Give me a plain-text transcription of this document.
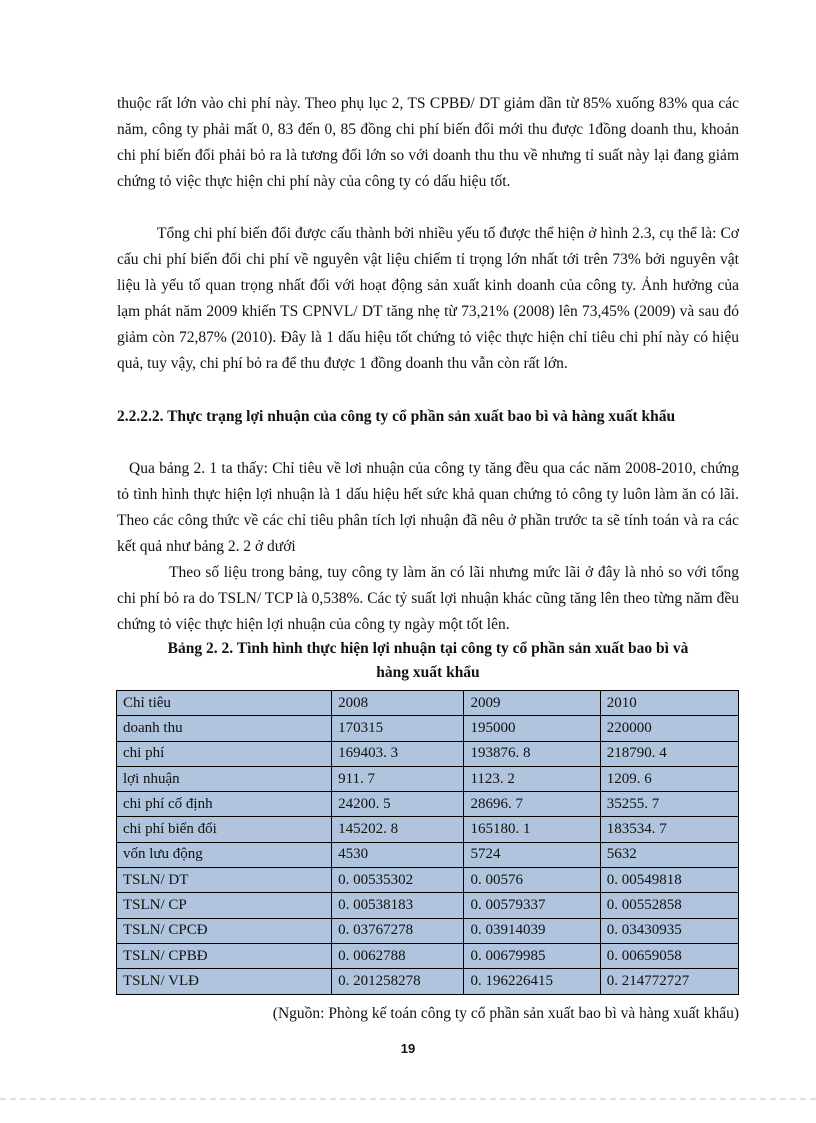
thuộc rất lớn vào chi phí này. Theo phụ lục 2, TS CPBĐ/ DT giảm dần từ 85% xuống 83% qua các năm, công ty phải mất 0, 83 đến 0, 85 đồng chi phí biến đổi mới thu được 1đồng doanh thu, khoản chi phí biến đổi phải bỏ ra là tương đối lớn so với doanh thu thu về nhưng tỉ suất này lại đang giảm chứng tỏ việc thực hiện chi phí này của công ty có dấu hiệu tốt.

Tổng chi phí biến đổi được cấu thành bởi nhiều yếu tố được thể hiện ở hình 2.3, cụ thể là: Cơ cấu chi phí biến đổi chi phí về nguyên vật liệu chiếm tỉ trọng lớn nhất tới trên 73% bởi nguyên vật liệu là yếu tố quan trọng nhất đối với hoạt động sản xuất kinh doanh của công ty. Ảnh hưởng của lạm phát năm 2009 khiến TS CPNVL/ DT tăng nhẹ từ 73,21% (2008) lên 73,45% (2009) và sau đó giảm còn 72,87% (2010). Đây là 1 dấu hiệu tốt chứng tỏ việc thực hiện chỉ tiêu chi phí này có hiệu quả, tuy vậy, chi phí bỏ ra để thu được 1 đồng doanh thu vẫn còn rất lớn.

2.2.2.2. Thực trạng lợi nhuận của công ty cổ phần sản xuất bao bì và hàng xuất khẩu

Qua bảng 2. 1 ta thấy: Chỉ tiêu về lơi nhuận của công ty tăng đều qua các năm 2008-2010, chứng tỏ tình hình thực hiện lợi nhuận là 1 dấu hiệu hết sức khả quan chứng tỏ công ty luôn làm ăn có lãi. Theo các công thức về các chỉ tiêu phân tích lợi nhuận đã nêu ở phần trước ta sẽ tính toán và ra các kết quả như bảng 2. 2 ở dưới

Theo số liệu trong bảng, tuy công ty làm ăn có lãi nhưng mức lãi ở đây là nhỏ so với tổng chi phí bỏ ra do TSLN/ TCP là 0,538%. Các tỷ suất lợi nhuận khác cũng tăng lên theo từng năm đều chứng tỏ việc thực hiện lợi nhuận của công ty ngày một tốt lên.

Bảng 2. 2. Tình hình thực hiện lợi nhuận tại công ty cổ phần sản xuất bao bì và
hàng xuất khẩu

Chỉ tiêu	2008	2009	2010
doanh thu	170315	195000	220000
chi phí	169403. 3	193876. 8	218790. 4
lợi nhuận	911. 7	1123. 2	1209. 6
chi phí cố định	24200. 5	28696. 7	35255. 7
chi phí biến đổi	145202. 8	165180. 1	183534. 7
vốn lưu động	4530	5724	5632
TSLN/ DT	0. 00535302	0. 00576	0. 00549818
TSLN/ CP	0. 00538183	0. 00579337	0. 00552858
TSLN/ CPCĐ	0. 03767278	0. 03914039	0. 03430935
TSLN/ CPBĐ	0. 0062788	0. 00679985	0. 00659058
TSLN/ VLĐ	0. 201258278	0. 196226415	0. 214772727

(Nguồn: Phòng kế toán công ty cổ phần sản xuất bao bì và hàng xuất khẩu)

19
